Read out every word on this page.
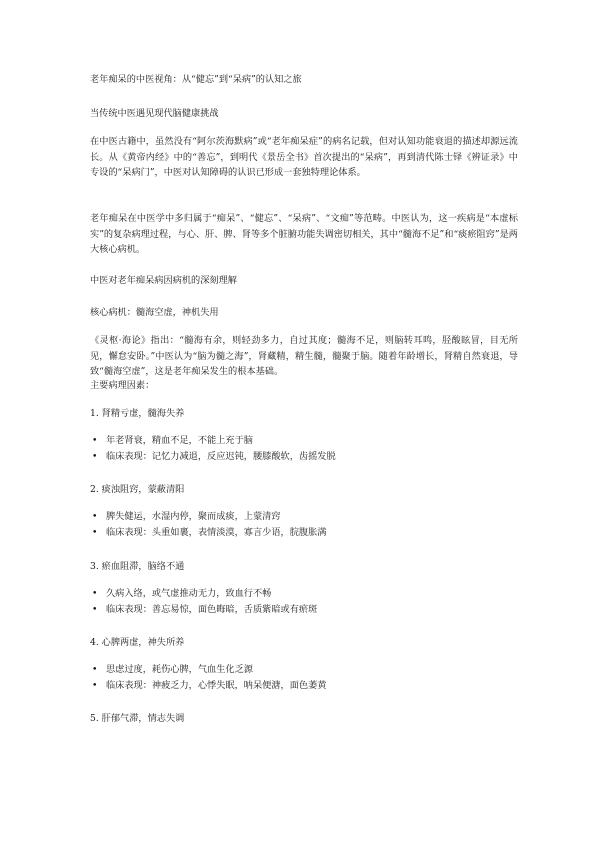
老年痴呆的中医视角：从“健忘”到“呆病”的认知之旅

当传统中医遇见现代脑健康挑战

在中医古籍中，虽然没有“阿尔茨海默病”或“老年痴呆症”的病名记载，但对认知功能衰退的描述却源远流长。从《黄帝内经》中的“善忘”，到明代《景岳全书》首次提出的“呆病”，再到清代陈士铎《辨证录》中专设的“呆病门”，中医对认知障碍的认识已形成一套独特理论体系。

老年痴呆在中医学中多归属于“痴呆”、“健忘”、“呆病”、“文痴”等范畴。中医认为，这一疾病是“本虚标实”的复杂病理过程，与心、肝、脾、肾等多个脏腑功能失调密切相关，其中“髓海不足”和“痰瘀阻窍”是两大核心病机。

中医对老年痴呆病因病机的深刻理解

核心病机：髓海空虚，神机失用

《灵枢·海论》指出：“髓海有余，则轻劲多力，自过其度；髓海不足，则脑转耳鸣，胫酸眩冒，目无所见，懈怠安卧。”中医认为“脑为髓之海”，肾藏精，精生髓，髓聚于脑。随着年龄增长，肾精自然衰退，导致“髓海空虚”，这是老年痴呆发生的根本基础。

主要病理因素：

1. 肾精亏虚，髓海失养

• 年老肾衰，精血不足，不能上充于脑
• 临床表现：记忆力减退，反应迟钝，腰膝酸软，齿摇发脱

2. 痰浊阻窍，蒙蔽清阳

• 脾失健运，水湿内停，聚而成痰，上蒙清窍
• 临床表现：头重如裹，表情淡漠，寡言少语，脘腹胀满

3. 瘀血阻滞，脑络不通

• 久病入络，或气虚推动无力，致血行不畅
• 临床表现：善忘易惊，面色晦暗，舌质紫暗或有瘀斑

4. 心脾两虚，神失所养

• 思虑过度，耗伤心脾，气血生化乏源
• 临床表现：神疲乏力，心悸失眠，呐呆便溏，面色萎黄

5. 肝郁气滞，情志失调
